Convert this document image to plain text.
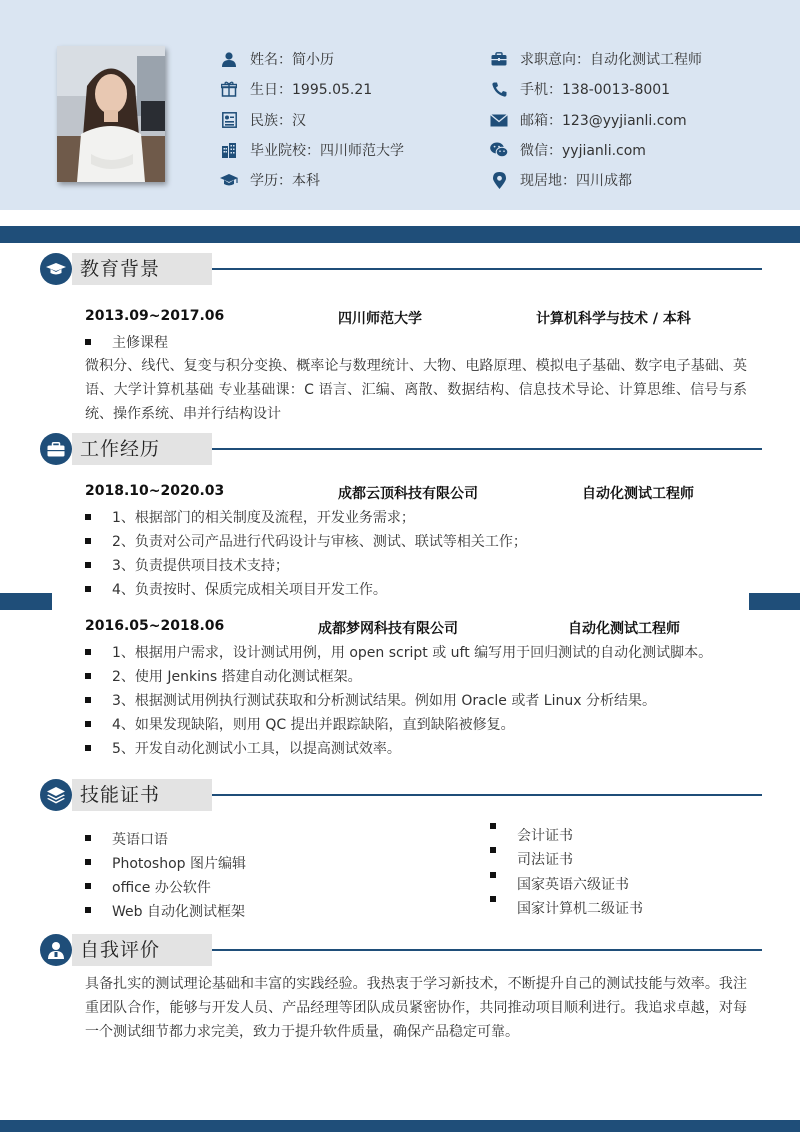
姓名：简小历
生日：1995.05.21
民族：汉
毕业院校：四川师范大学
学历：本科
求职意向：自动化测试工程师
手机：138-0013-8001
邮箱：123@yyjianli.com
微信：yyjianli.com
现居地：四川成都
教育背景
2013.09~2017.06	四川师范大学	计算机科学与技术 / 本科
主修课程
微积分、线代、复变与积分变换、概率论与数理统计、大物、电路原理、模拟电子基础、数字电子基础、英语、大学计算机基础 专业基础课：C 语言、汇编、离散、数据结构、信息技术导论、计算思维、信号与系统、操作系统、串并行结构设计
工作经历
2018.10~2020.03	成都云顶科技有限公司	自动化测试工程师
1、根据部门的相关制度及流程，开发业务需求；
2、负责对公司产品进行代码设计与审核、测试、联试等相关工作；
3、负责提供项目技术支持；
4、负责按时、保质完成相关项目开发工作。
2016.05~2018.06	成都梦网科技有限公司	自动化测试工程师
1、根据用户需求，设计测试用例，用 open script 或 uft 编写用于回归测试的自动化测试脚本。
2、使用 Jenkins 搭建自动化测试框架。
3、根据测试用例执行测试获取和分析测试结果。例如用 Oracle 或者 Linux 分析结果。
4、如果发现缺陷，则用 QC 提出并跟踪缺陷，直到缺陷被修复。
5、开发自动化测试小工具，以提高测试效率。
技能证书
英语口语
Photoshop 图片编辑
office 办公软件
Web 自动化测试框架
会计证书
司法证书
国家英语六级证书
国家计算机二级证书
自我评价
具备扎实的测试理论基础和丰富的实践经验。我热衷于学习新技术，不断提升自己的测试技能与效率。我注重团队合作，能够与开发人员、产品经理等团队成员紧密协作，共同推动项目顺利进行。我追求卓越，对每一个测试细节都力求完美，致力于提升软件质量，确保产品稳定可靠。
